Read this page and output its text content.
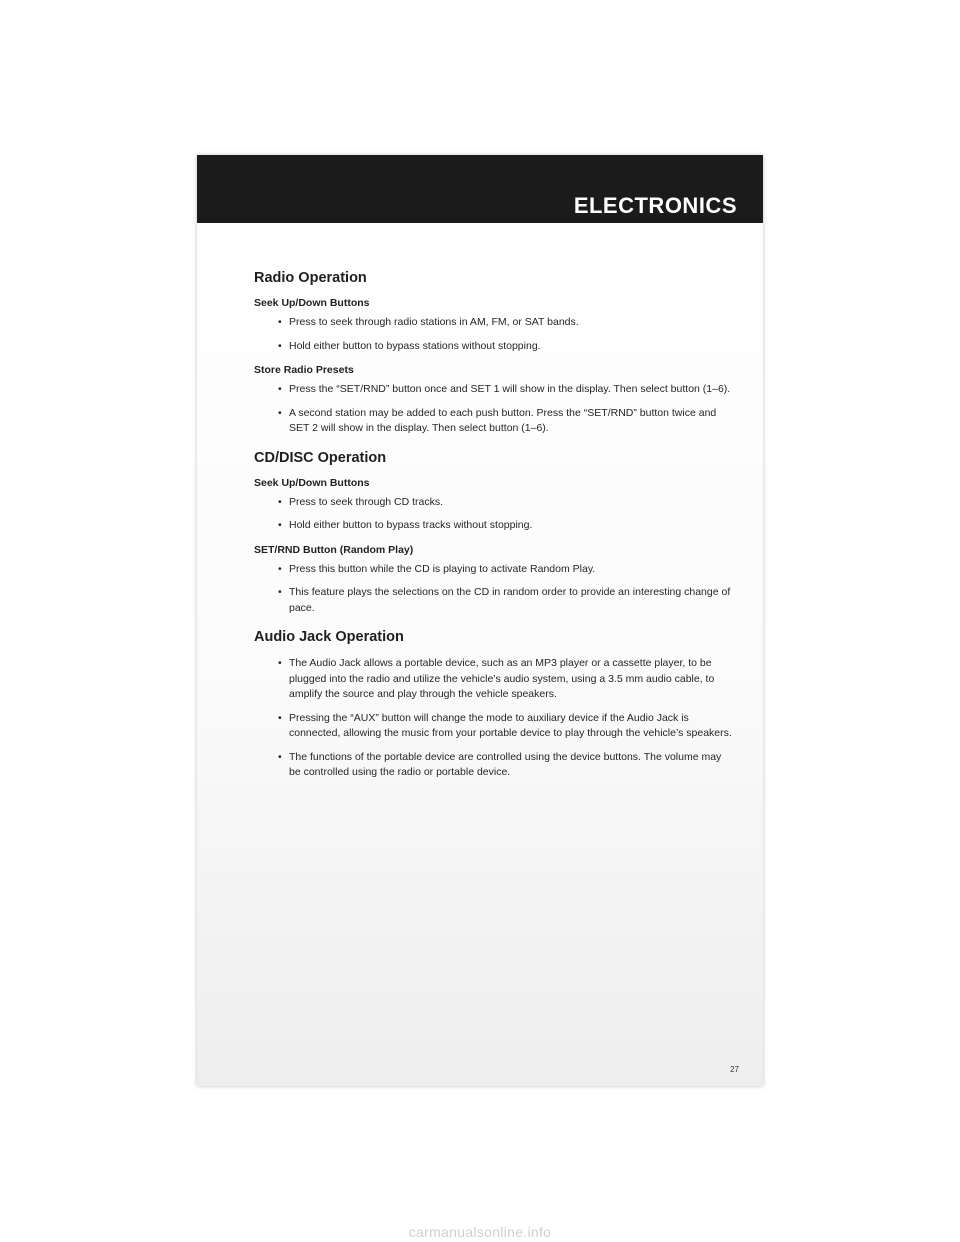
ELECTRONICS
Radio Operation
Seek Up/Down Buttons
• Press to seek through radio stations in AM, FM, or SAT bands.
• Hold either button to bypass stations without stopping.
Store Radio Presets
• Press the “SET/RND” button once and SET 1 will show in the display. Then select button (1–6).
• A second station may be added to each push button. Press the “SET/RND” button twice and SET 2 will show in the display. Then select button (1–6).
CD/DISC Operation
Seek Up/Down Buttons
• Press to seek through CD tracks.
• Hold either button to bypass tracks without stopping.
SET/RND Button (Random Play)
• Press this button while the CD is playing to activate Random Play.
• This feature plays the selections on the CD in random order to provide an interesting change of pace.
Audio Jack Operation
• The Audio Jack allows a portable device, such as an MP3 player or a cassette player, to be plugged into the radio and utilize the vehicle’s audio system, using a 3.5 mm audio cable, to amplify the source and play through the vehicle speakers.
• Pressing the “AUX” button will change the mode to auxiliary device if the Audio Jack is connected, allowing the music from your portable device to play through the vehicle’s speakers.
• The functions of the portable device are controlled using the device buttons. The volume may be controlled using the radio or portable device.
27
carmanualsonline.info
